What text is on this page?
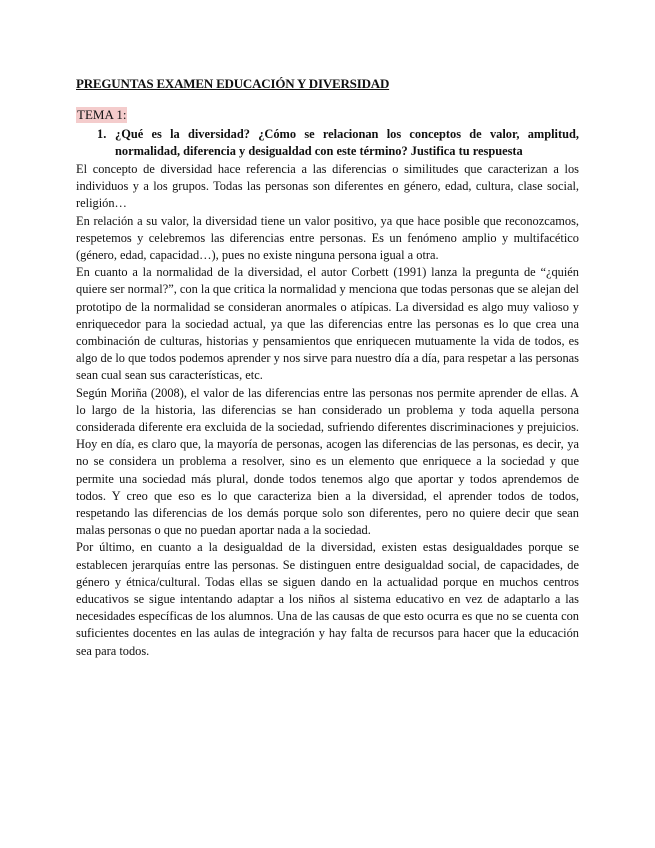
PREGUNTAS EXAMEN EDUCACIÓN Y DIVERSIDAD
TEMA 1:
1. ¿Qué es la diversidad? ¿Cómo se relacionan los conceptos de valor, amplitud, normalidad, diferencia y desigualdad con este término? Justifica tu respuesta

El concepto de diversidad hace referencia a las diferencias o similitudes que caracterizan a los individuos y a los grupos. Todas las personas son diferentes en género, edad, cultura, clase social, religión…

En relación a su valor, la diversidad tiene un valor positivo, ya que hace posible que reconozcamos, respetemos y celebremos las diferencias entre personas. Es un fenómeno amplio y multifacético (género, edad, capacidad…), pues no existe ninguna persona igual a otra.

En cuanto a la normalidad de la diversidad, el autor Corbett (1991) lanza la pregunta de “¿quién quiere ser normal?”, con la que critica la normalidad y menciona que todas personas que se alejan del prototipo de la normalidad se consideran anormales o atípicas. La diversidad es algo muy valioso y enriquecedor para la sociedad actual, ya que las diferencias entre las personas es lo que crea una combinación de culturas, historias y pensamientos que enriquecen mutuamente la vida de todos, es algo de lo que todos podemos aprender y nos sirve para nuestro día a día, para respetar a las personas sean cual sean sus características, etc.

Según Moriña (2008), el valor de las diferencias entre las personas nos permite aprender de ellas. A lo largo de la historia, las diferencias se han considerado un problema y toda aquella persona considerada diferente era excluida de la sociedad, sufriendo diferentes discriminaciones y prejuicios. Hoy en día, es claro que, la mayoría de personas, acogen las diferencias de las personas, es decir, ya no se considera un problema a resolver, sino es un elemento que enriquece a la sociedad y que permite una sociedad más plural, donde todos tenemos algo que aportar y todos aprendemos de todos. Y creo que eso es lo que caracteriza bien a la diversidad, el aprender todos de todos, respetando las diferencias de los demás porque solo son diferentes, pero no quiere decir que sean malas personas o que no puedan aportar nada a la sociedad.

Por último, en cuanto a la desigualdad de la diversidad, existen estas desigualdades porque se establecen jerarquías entre las personas. Se distinguen entre desigualdad social, de capacidades, de género y étnica/cultural. Todas ellas se siguen dando en la actualidad porque en muchos centros educativos se sigue intentando adaptar a los niños al sistema educativo en vez de adaptarlo a las necesidades específicas de los alumnos. Una de las causas de que esto ocurra es que no se cuenta con suficientes docentes en las aulas de integración y hay falta de recursos para hacer que la educación sea para todos.
